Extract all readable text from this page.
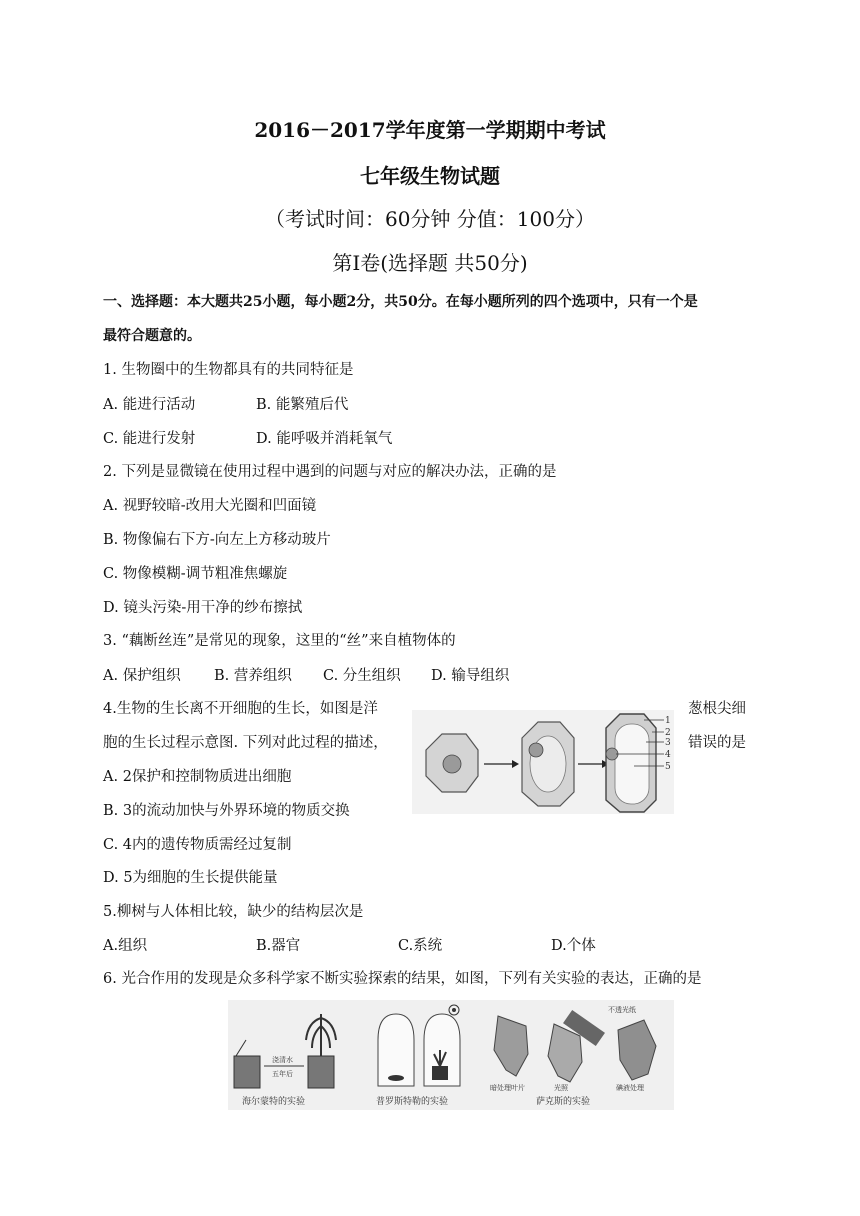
2016－2017学年度第一学期期中考试
七年级生物试题
（考试时间：60分钟 分值：100分）
第Ⅰ卷(选择题 共50分)
一、选择题：本大题共25小题，每小题2分，共50分。在每小题所列的四个选项中，只有一个是
最符合题意的。
1. 生物圈中的生物都具有的共同特征是
A. 能进行活动	B. 能繁殖后代
C. 能进行发射	D. 能呼吸并消耗氧气
2. 下列是显微镜在使用过程中遇到的问题与对应的解决办法，正确的是
A. 视野较暗-改用大光圈和凹面镜
B. 物像偏右下方-向左上方移动玻片
C. 物像模糊-调节粗准焦螺旋
D. 镜头污染-用干净的纱布擦拭
3. “藕断丝连”是常见的现象，这里的“丝”来自植物体的
A. 保护组织 B. 营养组织 C. 分生组织 D. 输导组织
4.生物的生长离不开细胞的生长，如图是洋	葱根尖细
胞的生长过程示意图. 下列对此过程的描述，	错误的是
A. 2保护和控制物质进出细胞
B. 3的流动加快与外界环境的物质交换
C. 4内的遗传物质需经过复制
D. 5为细胞的生长提供能量
1
2
3
4
5
5.柳树与人体相比较，缺少的结构层次是
A.组织	B.器官	C.系统	D.个体
6. 光合作用的发现是众多科学家不断实验探索的结果，如图，下列有关实验的表达，正确的是
浇清水
五年后
暗处理叶片	光照	碘液处理
不透光纸
海尔蒙特的实验	普罗斯特勒的实验	萨克斯的实验
